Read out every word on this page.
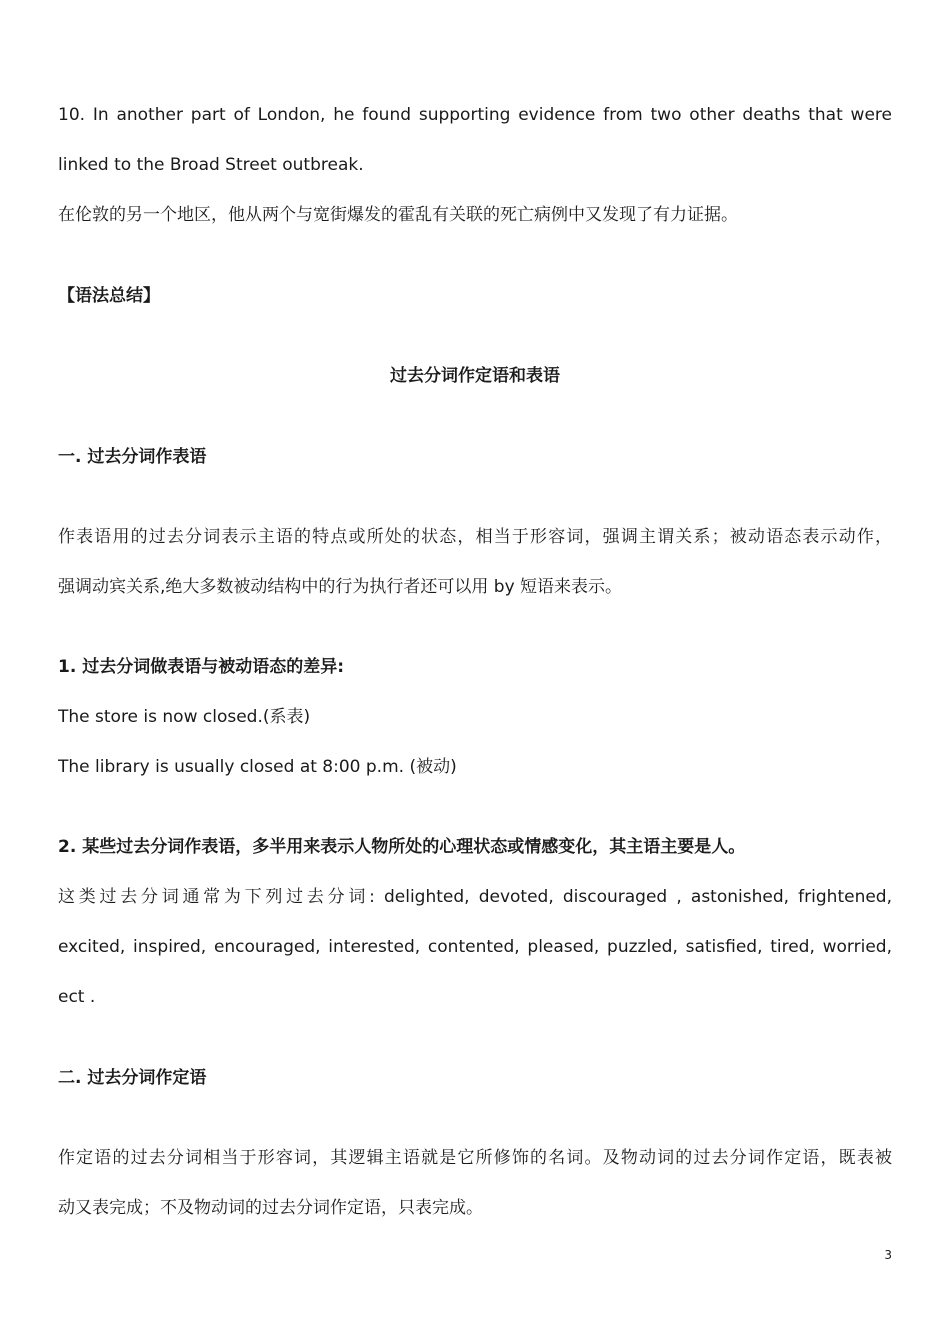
10. In another part of London, he found supporting evidence from two other deaths that were
linked to the Broad Street outbreak.
在伦敦的另一个地区，他从两个与宽街爆发的霍乱有关联的死亡病例中又发现了有力证据。
【语法总结】
过去分词作定语和表语
一. 过去分词作表语
作表语用的过去分词表示主语的特点或所处的状态，相当于形容词，强调主谓关系；被动语态表示动作，
强调动宾关系,绝大多数被动结构中的行为执行者还可以用 by 短语来表示。
1. 过去分词做表语与被动语态的差异:
The store is now closed.(系表)
The library is usually closed at 8:00 p.m. (被动)
2. 某些过去分词作表语，多半用来表示人物所处的心理状态或情感变化，其主语主要是人。
这类过去分词通常为下列过去分词: delighted, devoted, discouraged , astonished, frightened,
excited, inspired, encouraged, interested, contented, pleased, puzzled, satisfied, tired, worried,
ect .
二. 过去分词作定语
作定语的过去分词相当于形容词，其逻辑主语就是它所修饰的名词。及物动词的过去分词作定语，既表被
动又表完成；不及物动词的过去分词作定语，只表完成。
3
